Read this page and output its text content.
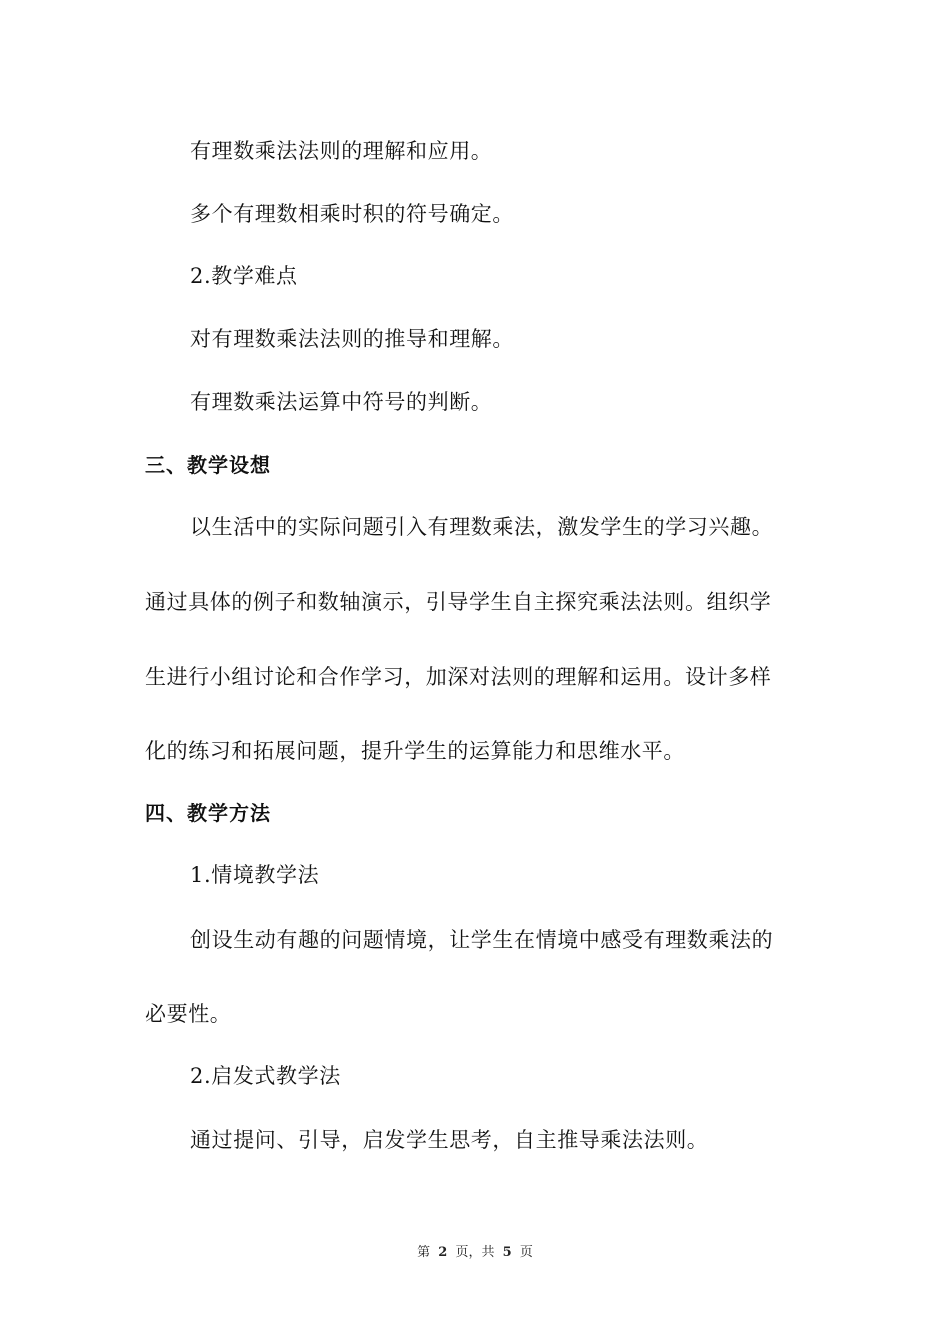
有理数乘法法则的理解和应用。
多个有理数相乘时积的符号确定。
2.教学难点
对有理数乘法法则的推导和理解。
有理数乘法运算中符号的判断。
三、教学设想
以生活中的实际问题引入有理数乘法，激发学生的学习兴趣。
通过具体的例子和数轴演示，引导学生自主探究乘法法则。组织学
生进行小组讨论和合作学习，加深对法则的理解和运用。设计多样
化的练习和拓展问题，提升学生的运算能力和思维水平。
四、教学方法
1.情境教学法
创设生动有趣的问题情境，让学生在情境中感受有理数乘法的
必要性。
2.启发式教学法
通过提问、引导，启发学生思考，自主推导乘法法则。
第 2 页，共 5 页
